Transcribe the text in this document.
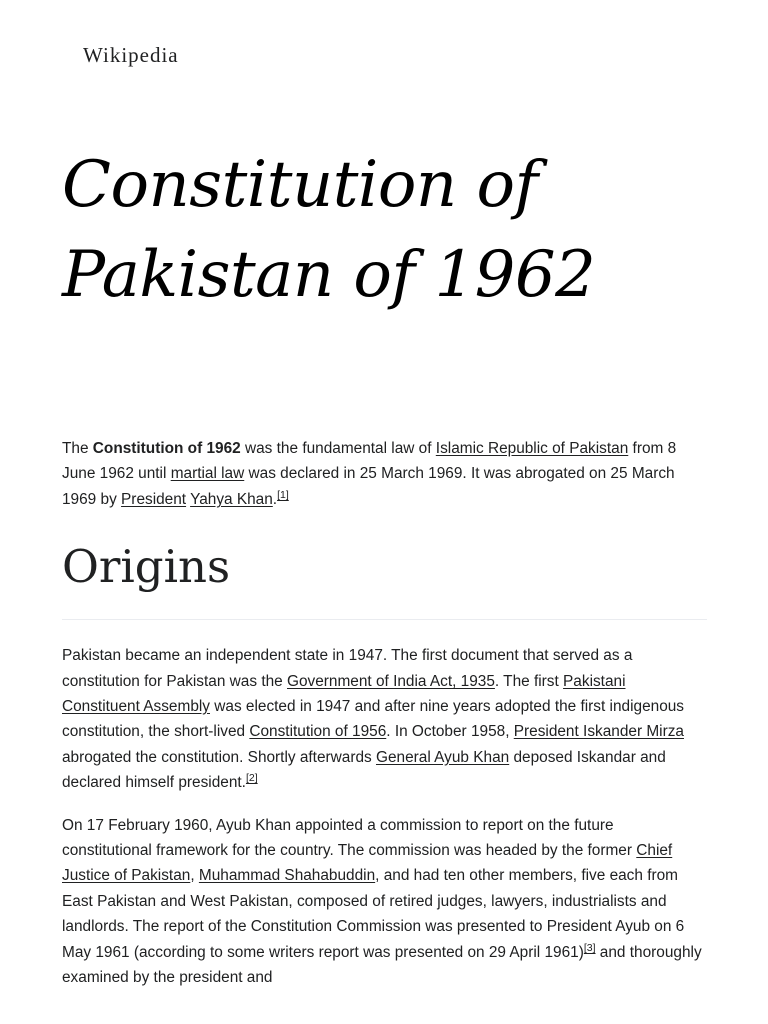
Wikipedia
Constitution of
Pakistan of 1962

The Constitution of 1962 was the fundamental law of Islamic Republic of Pakistan from 8 June 1962 until martial law was declared in 25 March 1969. It was abrogated on 25 March 1969 by President Yahya Khan.[1]

Origins

Pakistan became an independent state in 1947. The first document that served as a constitution for Pakistan was the Government of India Act, 1935. The first Pakistani Constituent Assembly was elected in 1947 and after nine years adopted the first indigenous constitution, the short-lived Constitution of 1956. In October 1958, President Iskander Mirza abrogated the constitution. Shortly afterwards General Ayub Khan deposed Iskandar and declared himself president.[2]

On 17 February 1960, Ayub Khan appointed a commission to report on the future constitutional framework for the country. The commission was headed by the former Chief Justice of Pakistan, Muhammad Shahabuddin, and had ten other members, five each from East Pakistan and West Pakistan, composed of retired judges, lawyers, industrialists and landlords. The report of the Constitution Commission was presented to President Ayub on 6 May 1961 (according to some writers report was presented on 29 April 1961)[3] and thoroughly examined by the president and
